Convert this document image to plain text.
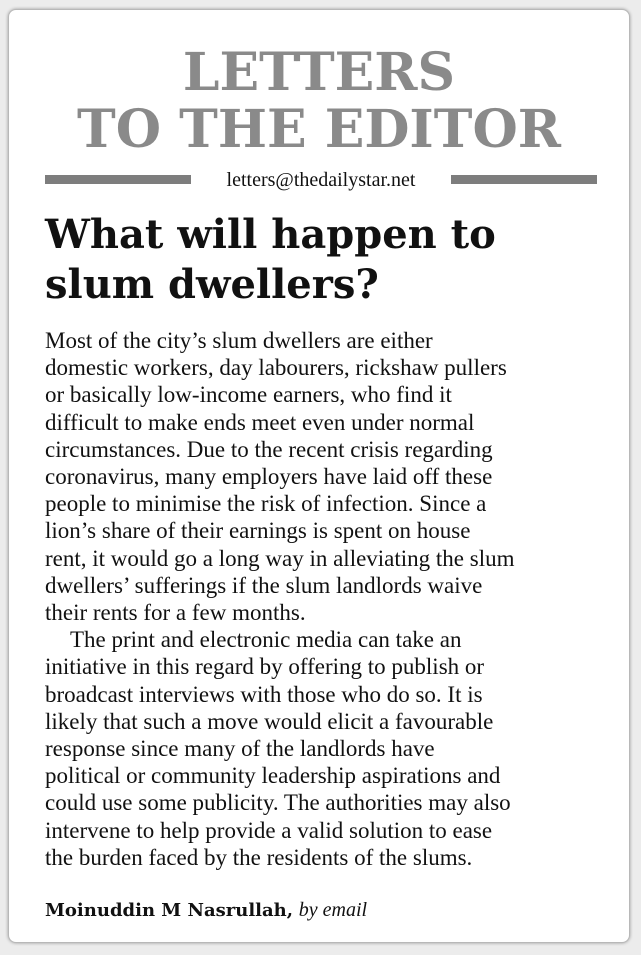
LETTERS
TO THE EDITOR
letters@thedailystar.net
What will happen to
slum dwellers?

Most of the city’s slum dwellers are either
domestic workers, day labourers, rickshaw pullers
or basically low-income earners, who find it
difficult to make ends meet even under normal
circumstances. Due to the recent crisis regarding
coronavirus, many employers have laid off these
people to minimise the risk of infection. Since a
lion’s share of their earnings is spent on house
rent, it would go a long way in alleviating the slum
dwellers’ sufferings if the slum landlords waive
their rents for a few months.

The print and electronic media can take an
initiative in this regard by offering to publish or
broadcast interviews with those who do so. It is
likely that such a move would elicit a favourable
response since many of the landlords have
political or community leadership aspirations and
could use some publicity. The authorities may also
intervene to help provide a valid solution to ease
the burden faced by the residents of the slums.

Moinuddin M Nasrullah, by email
